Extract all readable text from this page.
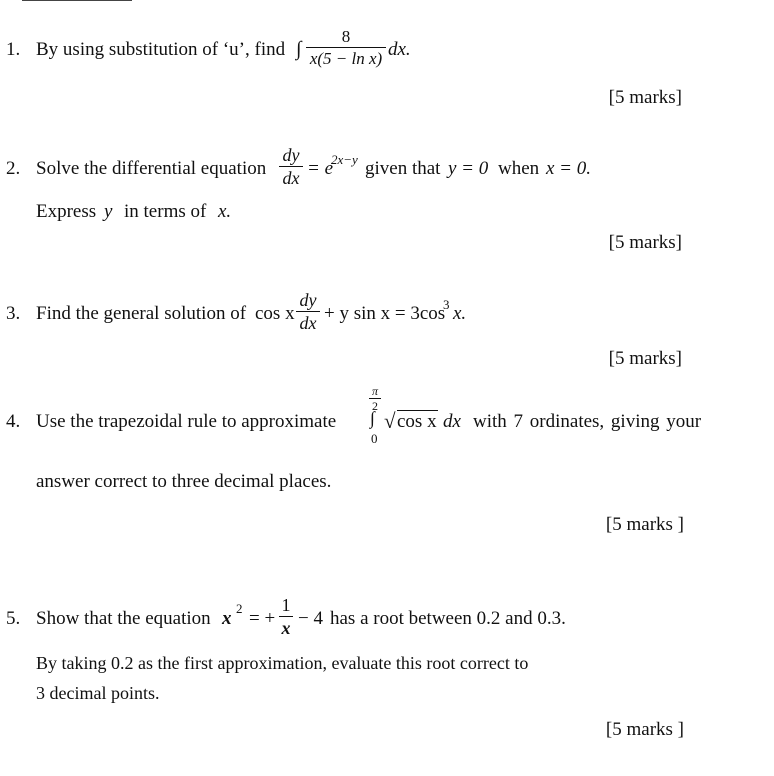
1. By using substitution of ‘u’, find ∫
8
x(5 − ln x) dx.
[5 marks]
2. Solve the differential equation
dy
dx = e
2x−y given that y = 0 when x = 0.
Express y in terms of x.
[5 marks]
3. Find the general solution of cos x
dy
dx + y sin x = 3cos
3 x.
[5 marks]
4. Use the trapezoidal rule to approximate
π
2
∫
0
√ cos x dx with 7 ordinates, giving your
answer correct to three decimal places.
[5 marks ]
5. Show that the equation x 2 = +
1
x − 4 has a root between 0.2 and 0.3.
By taking 0.2 as the first approximation, evaluate this root correct to
3 decimal points.
[5 marks ]
